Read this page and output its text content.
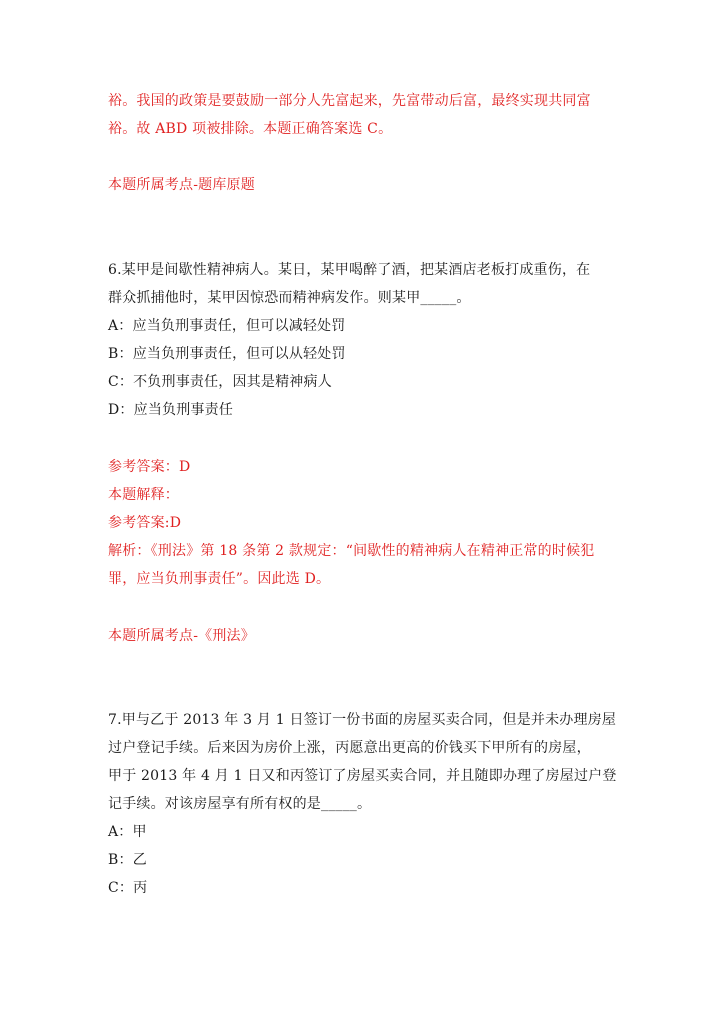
裕。我国的政策是要鼓励一部分人先富起来，先富带动后富，最终实现共同富
裕。故 ABD 项被排除。本题正确答案选 C。
本题所属考点-题库原题
6.某甲是间歇性精神病人。某日，某甲喝醉了酒，把某酒店老板打成重伤，在
群众抓捕他时，某甲因惊恐而精神病发作。则某甲_____。
A：应当负刑事责任，但可以减轻处罚
B：应当负刑事责任，但可以从轻处罚
C：不负刑事责任，因其是精神病人
D：应当负刑事责任
参考答案：D
本题解释：
参考答案:D
解析：《刑法》第 18 条第 2 款规定：“间歇性的精神病人在精神正常的时候犯
罪，应当负刑事责任”。因此选 D。
本题所属考点-《刑法》
7.甲与乙于 2013 年 3 月 1 日签订一份书面的房屋买卖合同，但是并未办理房屋
过户登记手续。后来因为房价上涨，丙愿意出更高的价钱买下甲所有的房屋，
甲于 2013 年 4 月 1 日又和丙签订了房屋买卖合同，并且随即办理了房屋过户登
记手续。对该房屋享有所有权的是_____。
A：甲
B：乙
C：丙
